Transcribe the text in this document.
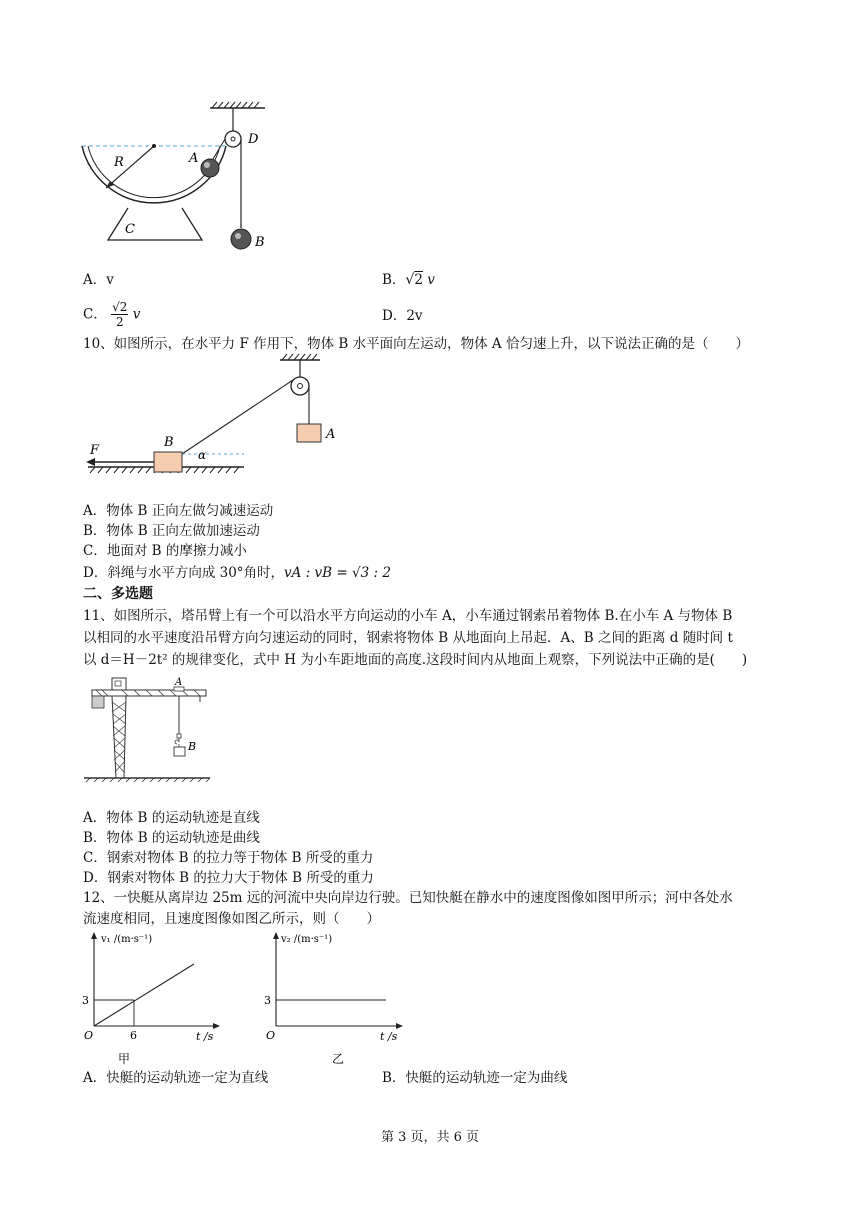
C
R	A
D
B
A．v	B．√2 v
C． $\frac{√2}{2}$ v	D．2v
10、如图所示，在水平力 F 作用下，物体 B 水平面向左运动，物体 A 恰匀速上升，以下说法正确的是（　　）
A
B
α
F
A．物体 B 正向左做匀减速运动
B．物体 B 正向左做加速运动
C．地面对 B 的摩擦力减小
D．斜绳与水平方向成 30°角时，vA : vB = √3 : 2
二、多选题
11、如图所示，塔吊臂上有一个可以沿水平方向运动的小车 A，小车通过钢索吊着物体 B.在小车 A 与物体 B
以相同的水平速度沿吊臂方向匀速运动的同时，钢索将物体 B 从地面向上吊起．A、B 之间的距离 d 随时间 t
以 d＝H－2t² 的规律变化，式中 H 为小车距地面的高度.这段时间内从地面上观察，下列说法中正确的是(　　)
A
B
A．物体 B 的运动轨迹是直线
B．物体 B 的运动轨迹是曲线
C．钢索对物体 B 的拉力等于物体 B 所受的重力
D．钢索对物体 B 的拉力大于物体 B 所受的重力
12、一快艇从离岸边 25m 远的河流中央向岸边行驶。已知快艇在静水中的速度图像如图甲所示；河中各处水
流速度相同，且速度图像如图乙所示，则（　　）
v₁ /(m·s⁻¹)
3
6
O	t /s
甲
v₂ /(m·s⁻¹)
3
O	t /s
乙
A．快艇的运动轨迹一定为直线	B．快艇的运动轨迹一定为曲线
第 3 页，共 6 页
